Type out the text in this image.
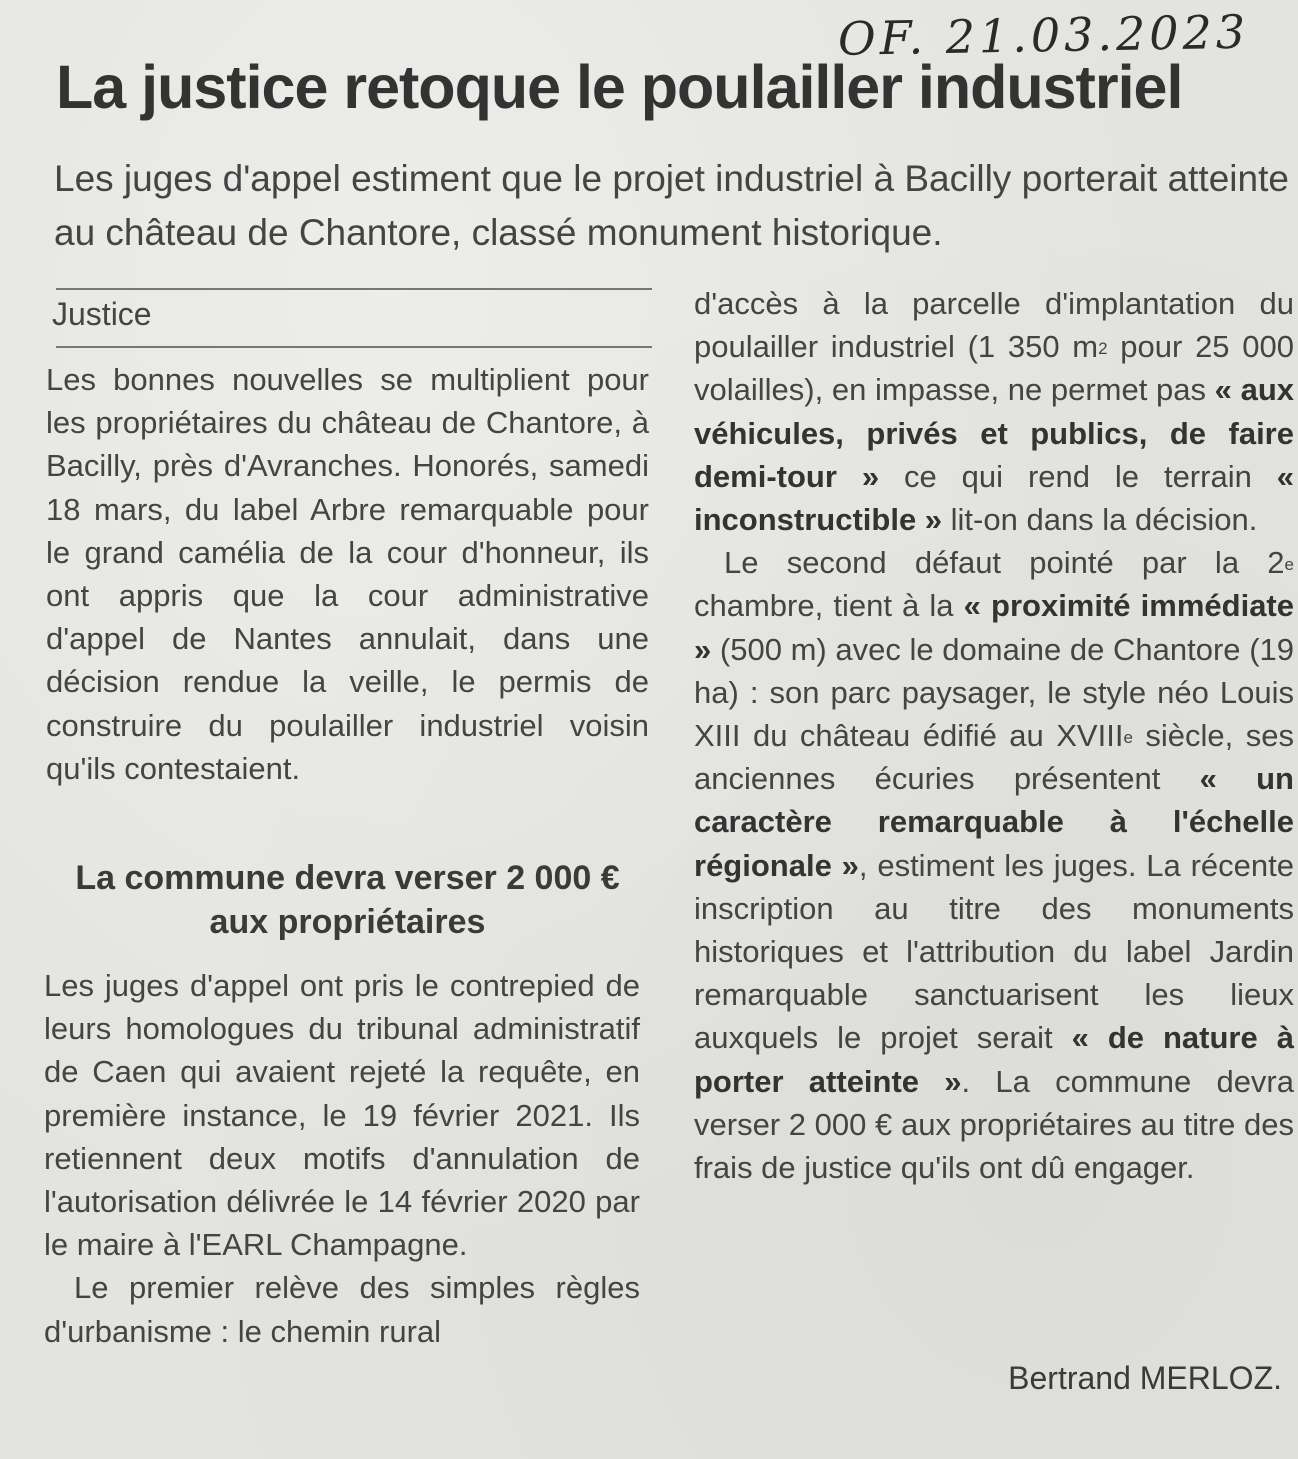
OF. 21.03.2023
La justice retoque le poulailler industriel
Les juges d'appel estiment que le projet industriel à Bacilly porterait atteinte au château de Chantore, classé monument historique.
Justice

Les bonnes nouvelles se multiplient pour les propriétaires du château de Chantore, à Bacilly, près d'Avranches. Honorés, samedi 18 mars, du label Arbre remarquable pour le grand camélia de la cour d'honneur, ils ont appris que la cour administrative d'appel de Nantes annulait, dans une décision rendue la veille, le permis de construire du poulailler industriel voisin qu'ils contestaient.

La commune devra verser 2 000 € aux propriétaires

Les juges d'appel ont pris le contrepied de leurs homologues du tribunal administratif de Caen qui avaient rejeté la requête, en première instance, le 19 février 2021. Ils retiennent deux motifs d'annulation de l'autorisation délivrée le 14 février 2020 par le maire à l'EARL Champagne.

Le premier relève des simples règles d'urbanisme : le chemin rural

d'accès à la parcelle d'implantation du poulailler industriel (1 350 $m^2$ pour 25 000 volailles), en impasse, ne permet pas « aux véhicules, privés et publics, de faire demi-tour » ce qui rend le terrain « inconstructible » lit-on dans la décision.

Le second défaut pointé par la 2e chambre, tient à la « proximité immédiate » (500 m) avec le domaine de Chantore (19 ha) : son parc paysager, le style néo Louis XIII du château édifié au XVIIIe siècle, ses anciennes écuries présentent « un caractère remarquable à l'échelle régionale », estiment les juges. La récente inscription au titre des monuments historiques et l'attribution du label Jardin remarquable sanctuarisent les lieux auxquels le projet serait « de nature à porter atteinte ». La commune devra verser 2 000 € aux propriétaires au titre des frais de justice qu'ils ont dû engager.

Bertrand MERLOZ.
